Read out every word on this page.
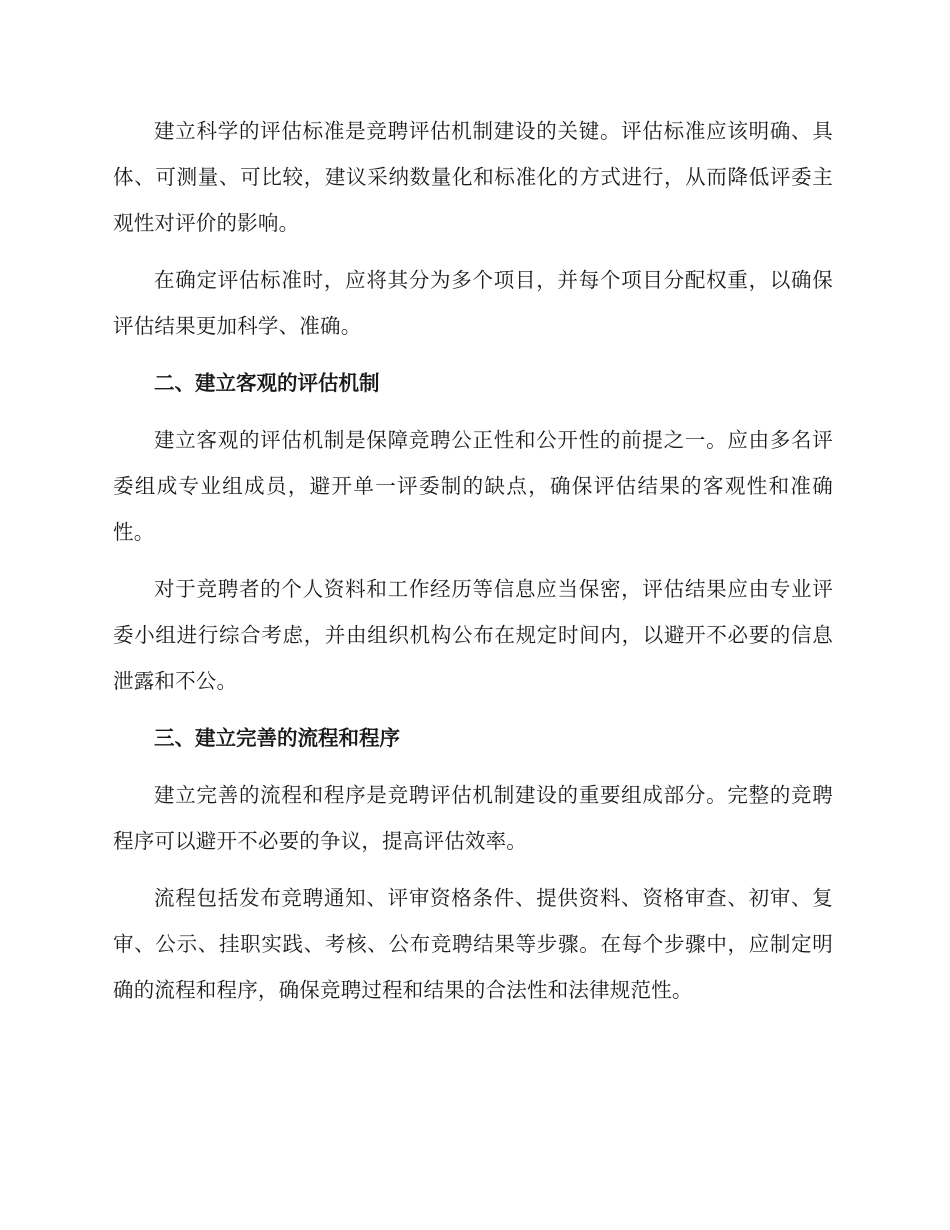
建立科学的评估标准是竞聘评估机制建设的关键。评估标准应该明确、具体、可测量、可比较，建议采纳数量化和标准化的方式进行，从而降低评委主观性对评价的影响。

在确定评估标准时，应将其分为多个项目，并每个项目分配权重，以确保评估结果更加科学、准确。

二、建立客观的评估机制

建立客观的评估机制是保障竞聘公正性和公开性的前提之一。应由多名评委组成专业组成员，避开单一评委制的缺点，确保评估结果的客观性和准确性。

对于竞聘者的个人资料和工作经历等信息应当保密，评估结果应由专业评委小组进行综合考虑，并由组织机构公布在规定时间内，以避开不必要的信息泄露和不公。

三、建立完善的流程和程序

建立完善的流程和程序是竞聘评估机制建设的重要组成部分。完整的竞聘程序可以避开不必要的争议，提高评估效率。

流程包括发布竞聘通知、评审资格条件、提供资料、资格审查、初审、复审、公示、挂职实践、考核、公布竞聘结果等步骤。在每个步骤中，应制定明确的流程和程序，确保竞聘过程和结果的合法性和法律规范性。
